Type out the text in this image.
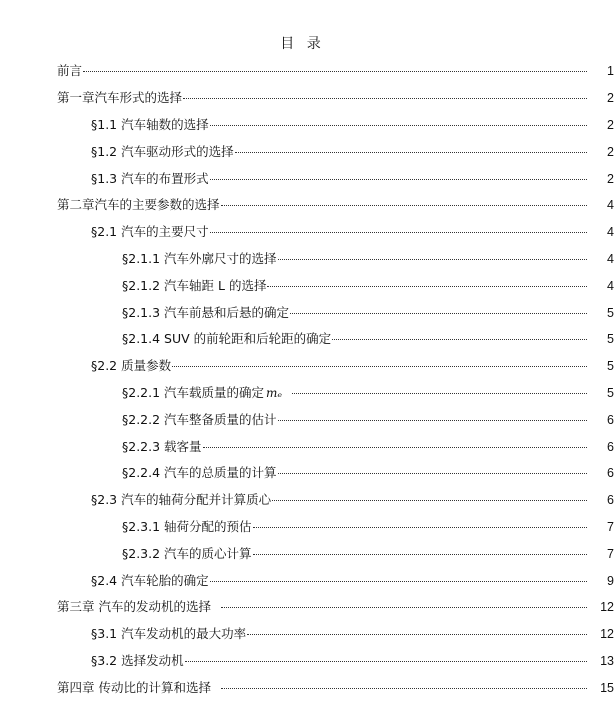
目 录
前言	1
第一章汽车形式的选择	2
§1.1 汽车轴数的选择	2
§1.2 汽车驱动形式的选择	2
§1.3 汽车的布置形式	2
第二章汽车的主要参数的选择	4
§2.1 汽车的主要尺寸	4
§2.1.1 汽车外廓尺寸的选择	4
§2.1.2 汽车轴距 L 的选择	4
§2.1.3 汽车前悬和后悬的确定	5
§2.1.4 SUV 的前轮距和后轮距的确定	5
§2.2 质量参数	5
§2.2.1 汽车载质量的确定 mₑ	5
§2.2.2 汽车整备质量的估计	6
§2.2.3 载客量	6
§2.2.4 汽车的总质量的计算	6
§2.3 汽车的轴荷分配并计算质心	6
§2.3.1 轴荷分配的预估	7
§2.3.2 汽车的质心计算	7
§2.4 汽车轮胎的确定	9
第三章 汽车的发动机的选择	12
§3.1 汽车发动机的最大功率	12
§3.2 选择发动机	13
第四章 传动比的计算和选择	15
